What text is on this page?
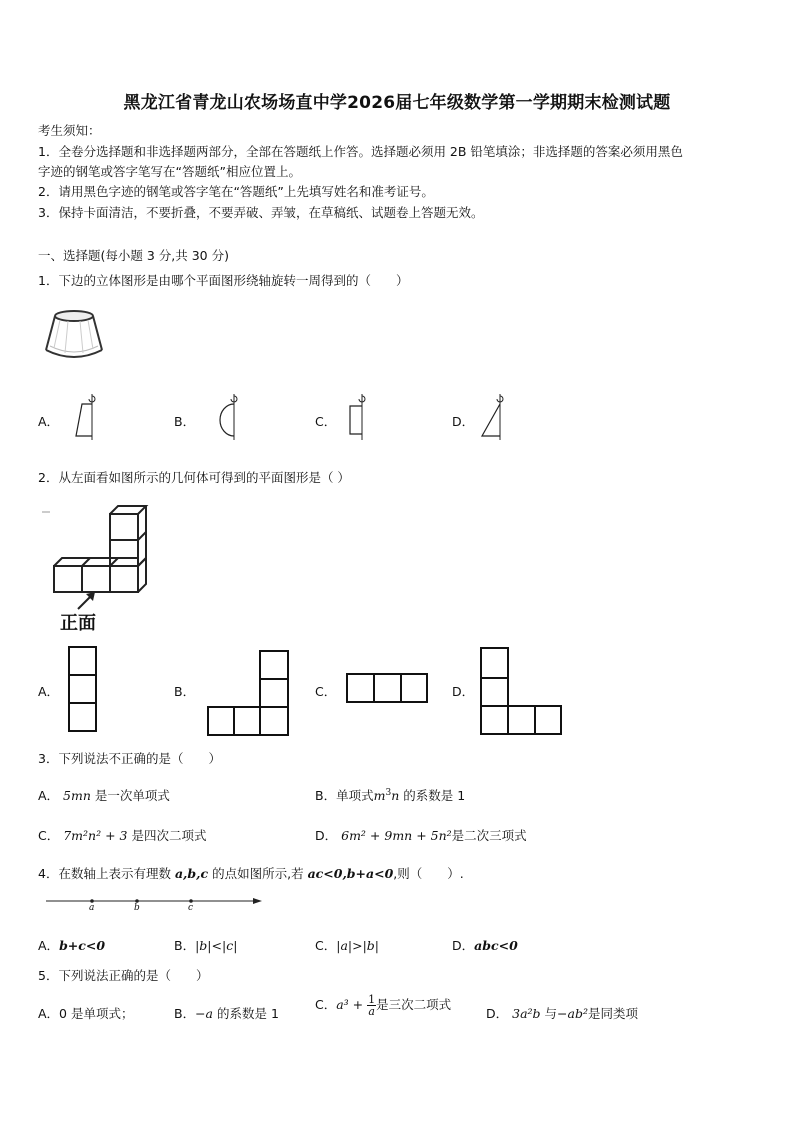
黑龙江省青龙山农场场直中学2026届七年级数学第一学期期末检测试题
考生须知：
1．全卷分选择题和非选择题两部分，全部在答题纸上作答。选择题必须用 2B 铅笔填涂；非选择题的答案必须用黑色
字迹的钢笔或答字笔写在“答题纸”相应位置上。
2．请用黑色字迹的钢笔或答字笔在“答题纸”上先填写姓名和准考证号。
3．保持卡面清洁，不要折叠，不要弄破、弄皱，在草稿纸、试题卷上答题无效。
一、选择题(每小题 3 分,共 30 分)
1．下边的立体图形是由哪个平面图形绕轴旋转一周得到的（　　）
A．	B．	C．	D．
2．从左面看如图所示的几何体可得到的平面图形是（ ）
正面
A．	B．	C．	D．
3．下列说法不正确的是（　　）
A． 5mn 是一次单项式	B．单项式$m^3n$ 的系数是 1
C． 7m²n² + 3 是四次二项式	D． 6m² + 9mn + 5n²是二次三项式
4．在数轴上表示有理数 a,b,c 的点如图所示,若 ac<0,b+a<0,则（　　）.
a	b	c
A．b+c<0	B．|b|<|c|	C．|a|>|b|	D．abc<0
5．下列说法正确的是（　　）
A．0 是单项式；	B．−a 的系数是 1
C．$a^3 + \frac{1}{a}$ 是三次二项式
D． 3a²b 与−ab²是同类项
